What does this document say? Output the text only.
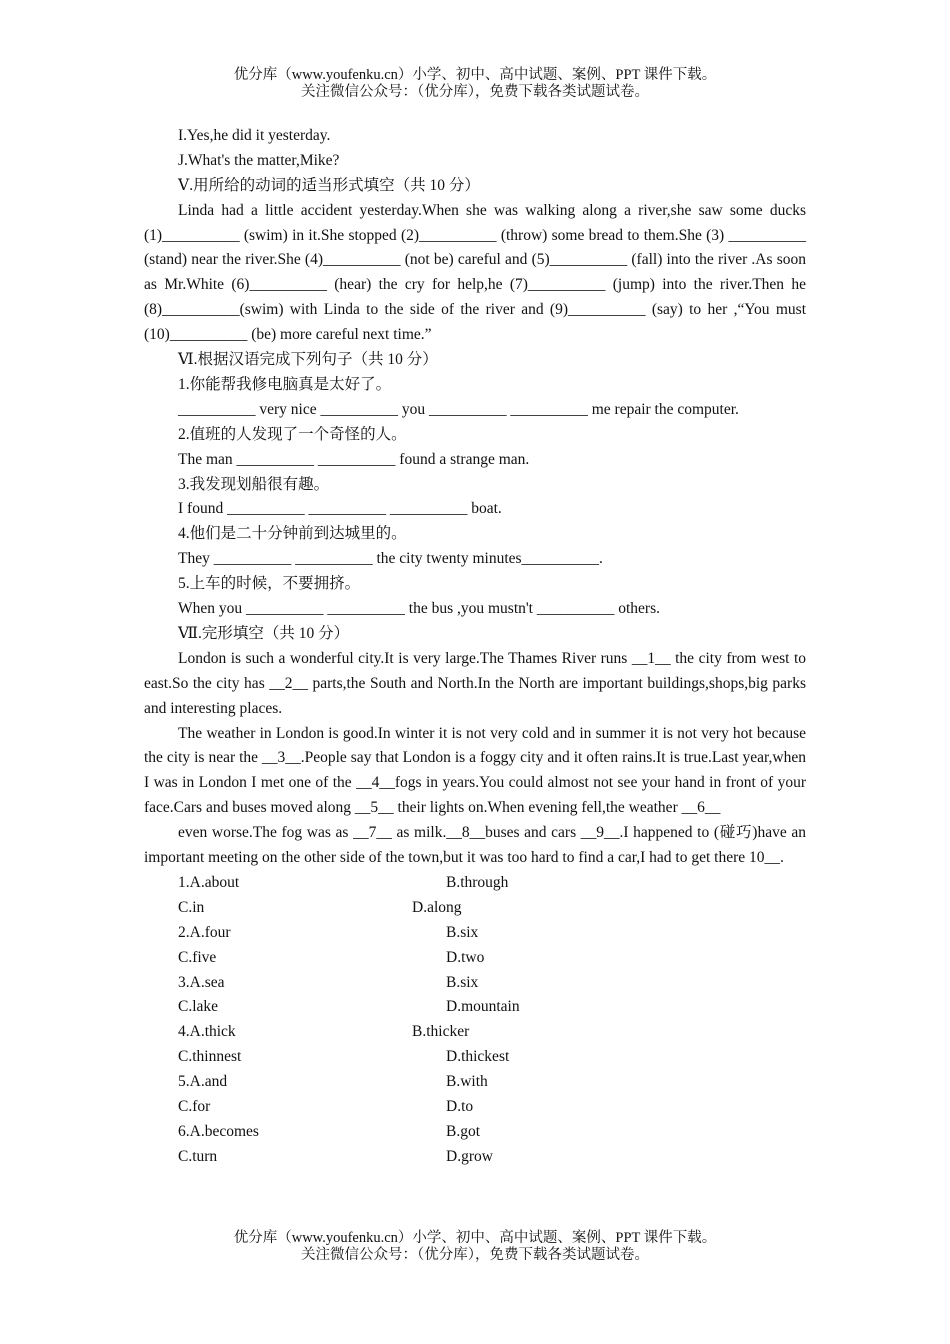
优分库（www.youfenku.cn）小学、初中、高中试题、案例、PPT 课件下载。
关注微信公众号：（优分库），免费下载各类试题试卷。
I.Yes,he did it yesterday.
J.What's the matter,Mike?
Ⅴ.用所给的动词的适当形式填空（共 10 分）
Linda had a little accident yesterday.When she was walking along a river,she saw some ducks (1)__________ (swim) in it.She stopped (2)__________ (throw) some bread to them.She (3) __________ (stand) near the river.She (4)__________ (not be) careful and (5)__________ (fall) into the river .As soon as Mr.White (6)__________ (hear) the cry for help,he (7)__________ (jump) into the river.Then he (8)__________(swim) with Linda to the side of the river and (9)__________ (say) to her ,“You must (10)__________ (be) more careful next time.”
Ⅵ.根据汉语完成下列句子（共 10 分）
1.你能帮我修电脑真是太好了。
__________ very nice __________ you __________ __________ me repair the computer.
2.值班的人发现了一个奇怪的人。
The man __________ __________ found a strange man.
3.我发现划船很有趣。
I found __________ __________ __________ boat.
4.他们是二十分钟前到达城里的。
They __________ __________ the city twenty minutes__________.
5.上车的时候，不要拥挤。
When you __________ __________ the bus ,you mustn't __________ others.
Ⅶ.完形填空（共 10 分）
London is such a wonderful city.It is very large.The Thames River runs __1__ the city from west to east.So the city has __2__ parts,the South and North.In the North are important buildings,shops,big parks and interesting places.
The weather in London is good.In winter it is not very cold and in summer it is not very hot because the city is near the __3__.People say that London is a foggy city and it often rains.It is true.Last year,when I was in London I met one of the __4__fogs in years.You could almost not see your hand in front of your face.Cars and buses moved along __5__ their lights on.When evening fell,the weather __6__
even worse.The fog was as __7__ as milk.__8__buses and cars __9__.I happened to (碰巧)have an important meeting on the other side of the town,but it was too hard to find a car,I had to get there 10__.
1.A.about	B.through
C.in	D.along
2.A.four	B.six
C.five	D.two
3.A.sea	B.six
C.lake	D.mountain
4.A.thick	B.thicker
C.thinnest	D.thickest
5.A.and	B.with
C.for	D.to
6.A.becomes	B.got
C.turn	D.grow
优分库（www.youfenku.cn）小学、初中、高中试题、案例、PPT 课件下载。
关注微信公众号：（优分库），免费下载各类试题试卷。
